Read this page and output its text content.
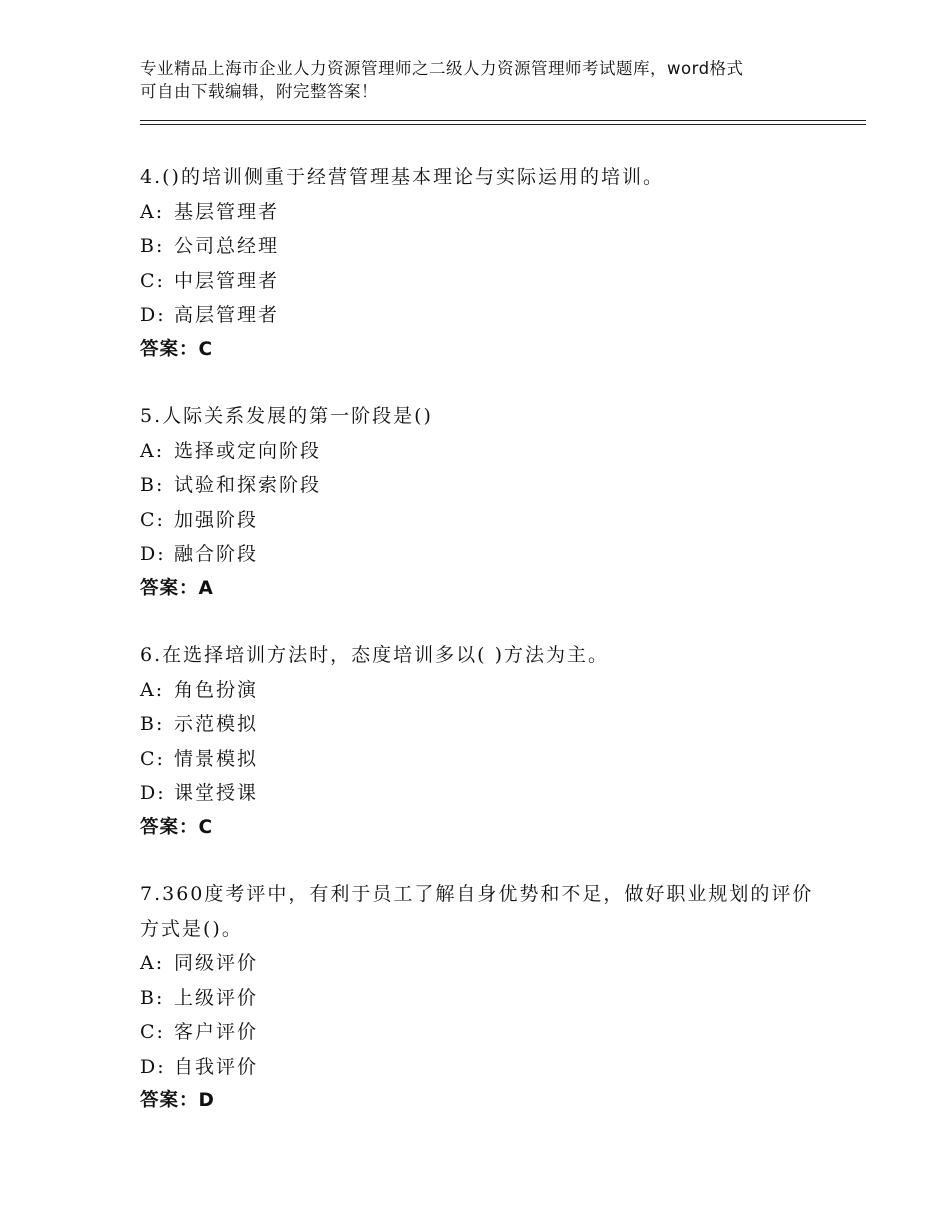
专业精品上海市企业人力资源管理师之二级人力资源管理师考试题库，word格式
可自由下载编辑，附完整答案！
4.()的培训侧重于经营管理基本理论与实际运用的培训。
A: 基层管理者
B: 公司总经理
C: 中层管理者
D: 高层管理者
答案：C
5.人际关系发展的第一阶段是()
A: 选择或定向阶段
B: 试验和探索阶段
C: 加强阶段
D: 融合阶段
答案：A
6.在选择培训方法时，态度培训多以( )方法为主。
A: 角色扮演
B: 示范模拟
C: 情景模拟
D: 课堂授课
答案：C
7.360度考评中，有利于员工了解自身优势和不足，做好职业规划的评价方式是()。
A: 同级评价
B: 上级评价
C: 客户评价
D: 自我评价
答案：D
